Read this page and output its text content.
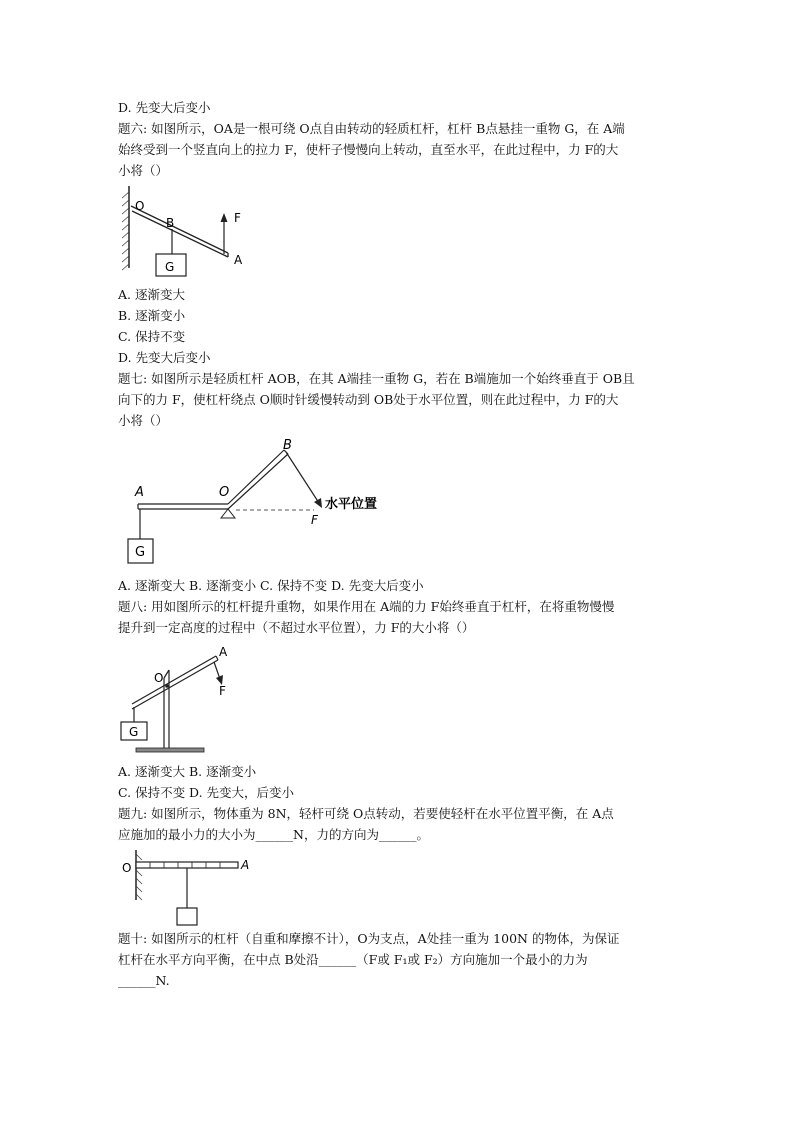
D. 先变大后变小
题六: 如图所示，OA是一根可绕 O点自由转动的轻质杠杆，杠杆 B点悬挂一重物 G，在 A端
始终受到一个竖直向上的拉力 F，使杆子慢慢向上转动，直至水平，在此过程中，力 F的大
小将（）
O
B	F
A
G
A. 逐渐变大
B. 逐渐变小
C. 保持不变
D. 先变大后变小
题七: 如图所示是轻质杠杆 AOB，在其 A端挂一重物 G，若在 B端施加一个始终垂直于 OB且
向下的力 F，使杠杆绕点 O顺时针缓慢转动到 OB处于水平位置，则在此过程中，力 F的大
小将（）
A	O
B
F
水平位置
G
A. 逐渐变大 B. 逐渐变小 C. 保持不变 D. 先变大后变小
题八: 用如图所示的杠杆提升重物，如果作用在 A端的力 F始终垂直于杠杆，在将重物慢慢
提升到一定高度的过程中（不超过水平位置），力 F的大小将（）
A
O
F
G
A. 逐渐变大 B. 逐渐变小
C. 保持不变 D. 先变大，后变小
题九: 如图所示，物体重为 8N，轻杆可绕 O点转动，若要使轻杆在水平位置平衡，在 A点
应施加的最小力的大小为______N，力的方向为______。
O	A
题十: 如图所示的杠杆（自重和摩擦不计），O为支点，A处挂一重为 100N 的物体，为保证
杠杆在水平方向平衡，在中点 B处沿______（F或 F₁或 F₂）方向施加一个最小的力为
______N.
